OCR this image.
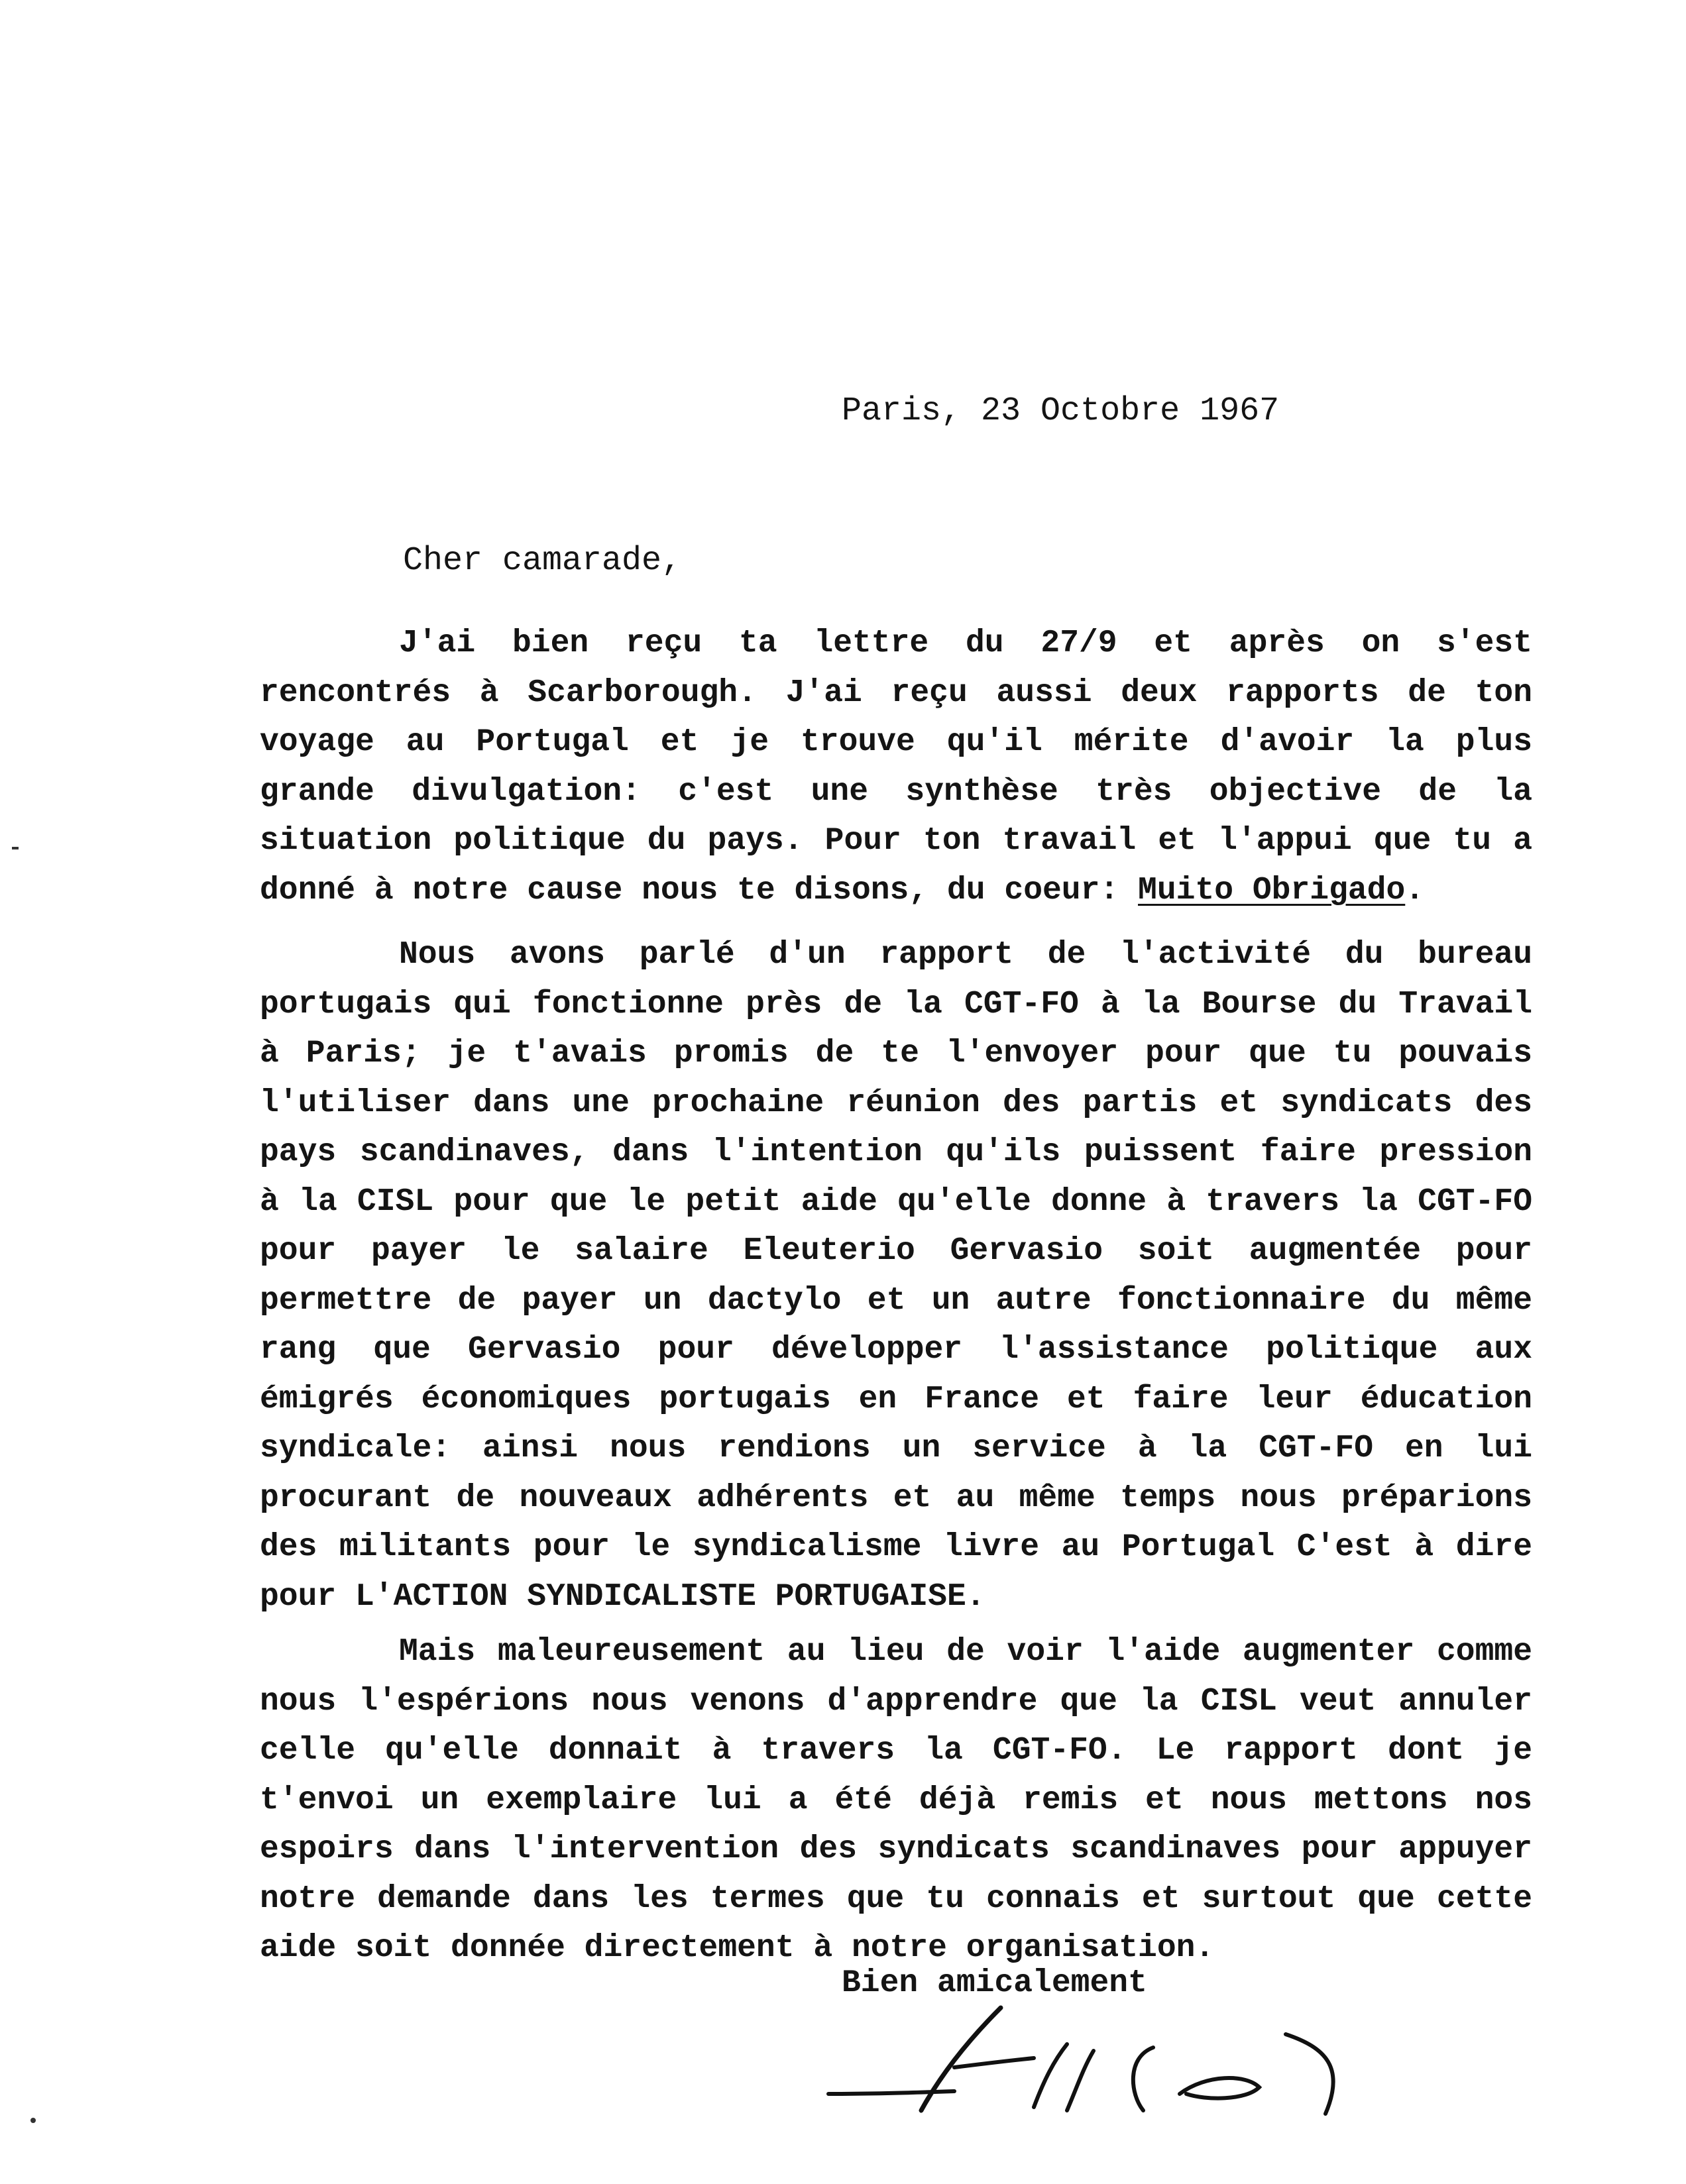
Paris, 23 Octobre 1967
Cher camarade,
J'ai bien reçu ta lettre du 27/9 et après on s'est rencontrés à Scarborough. J'ai reçu aussi deux rapports de ton voyage au Portugal et je trouve qu'il mérite d'avoir la plus grande divulgation: c'est une synthèse très objective de la situation politique du pays. Pour ton travail et l'appui que tu a donné à notre cause nous te disons, du coeur: Muito Obrigado.
Nous avons parlé d'un rapport de l'activité du bureau portugais qui fonctionne près de la CGT-FO à la Bourse du Travail à Paris; je t'avais promis de te l'envoyer pour que tu pouvais l'utiliser dans une prochaine réunion des partis et syndicats des pays scandinaves, dans l'intention qu'ils puissent faire pression à la CISL pour que le petit aide qu'elle donne à travers la CGT-FO pour payer le salaire Eleuterio Gervasio soit augmentée pour permettre de payer un dactylo et un autre fonctionnaire du même rang que Gervasio pour développer l'assistance politique aux émigrés économiques portugais en France et faire leur éducation syndicale: ainsi nous rendions un service à la CGT-FO en lui procurant de nouveaux adhérents et au même temps nous préparions des militants pour le syndicalisme livre au Portugal C'est à dire pour L'ACTION SYNDICALISTE PORTUGAISE.
Mais maleureusement au lieu de voir l'aide augmenter comme nous l'espérions nous venons d'apprendre que la CISL veut annuler celle qu'elle donnait à travers la CGT-FO. Le rapport dont je t'envoi un exemplaire lui a été déjà remis et nous mettons nos espoirs dans l'intervention des syndicats scandinaves pour appuyer notre demande dans les termes que tu connais et surtout que cette aide soit donnée directement à notre organisation.
Bien amicalement
